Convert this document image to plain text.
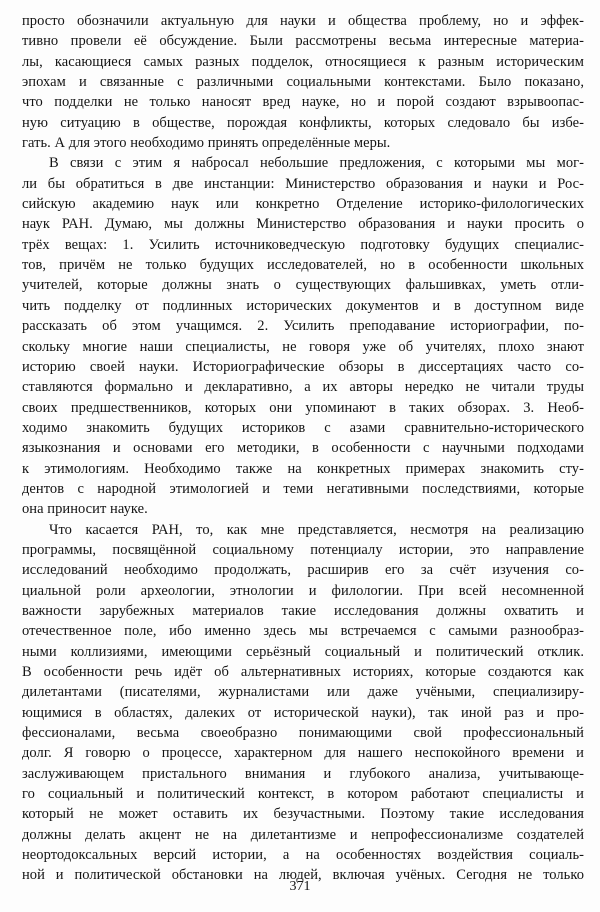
просто обозначили актуальную для науки и общества проблему, но и эффек-
тивно провели её обсуждение. Были рассмотрены весьма интересные материа-
лы, касающиеся самых разных подделок, относящиеся к разным историческим
эпохам и связанные с различными социальными контекстами. Было показано,
что подделки не только наносят вред науке, но и порой создают взрывоопас-
ную ситуацию в обществе, порождая конфликты, которых следовало бы избе-
гать. А для этого необходимо принять определённые меры.
В связи с этим я набросал небольшие предложения, с которыми мы мог-
ли бы обратиться в две инстанции: Министерство образования и науки и Рос-
сийскую академию наук или конкретно Отделение историко-филологических
наук РАН. Думаю, мы должны Министерство образования и науки просить о
трёх вещах: 1. Усилить источниковедческую подготовку будущих специалис-
тов, причём не только будущих исследователей, но в особенности школьных
учителей, которые должны знать о существующих фальшивках, уметь отли-
чить подделку от подлинных исторических документов и в доступном виде
рассказать об этом учащимся. 2. Усилить преподавание историографии, по-
скольку многие наши специалисты, не говоря уже об учителях, плохо знают
историю своей науки. Историографические обзоры в диссертациях часто со-
ставляются формально и декларативно, а их авторы нередко не читали труды
своих предшественников, которых они упоминают в таких обзорах. 3. Необ-
ходимо знакомить будущих историков с азами сравнительно-исторического
языкознания и основами его методики, в особенности с научными подходами
к этимологиям. Необходимо также на конкретных примерах знакомить сту-
дентов с народной этимологией и теми негативными последствиями, которые
она приносит науке.
Что касается РАН, то, как мне представляется, несмотря на реализацию
программы, посвящённой социальному потенциалу истории, это направление
исследований необходимо продолжать, расширив его за счёт изучения со-
циальной роли археологии, этнологии и филологии. При всей несомненной
важности зарубежных материалов такие исследования должны охватить и
отечественное поле, ибо именно здесь мы встречаемся с самыми разнообраз-
ными коллизиями, имеющими серьёзный социальный и политический отклик.
В особенности речь идёт об альтернативных историях, которые создаются как
дилетантами (писателями, журналистами или даже учёными, специализиру-
ющимися в областях, далеких от исторической науки), так иной раз и про-
фессионалами, весьма своеобразно понимающими свой профессиональный
долг. Я говорю о процессе, характерном для нашего неспокойного времени и
заслуживающем пристального внимания и глубокого анализа, учитывающе-
го социальный и политический контекст, в котором работают специалисты и
который не может оставить их безучастными. Поэтому такие исследования
должны делать акцент не на дилетантизме и непрофессионализме создателей
неортодоксальных версий истории, а на особенностях воздействия социаль-
ной и политической обстановки на людей, включая учёных. Сегодня не только
371
